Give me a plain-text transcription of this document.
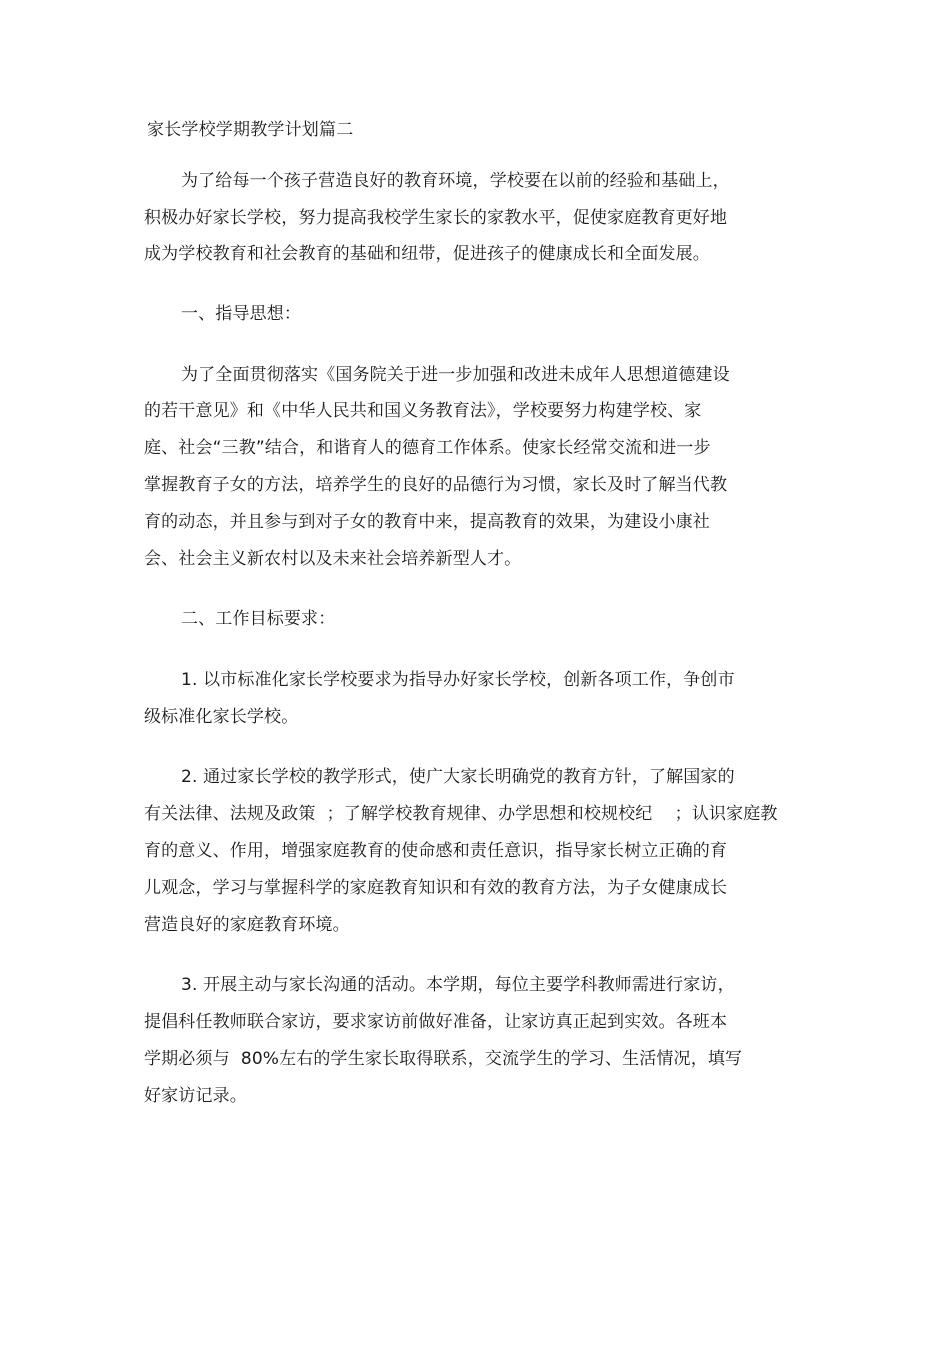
家长学校学期教学计划篇二
为了给每一个孩子营造良好的教育环境，学校要在以前的经验和基础上，
积极办好家长学校，努力提高我校学生家长的家教水平，促使家庭教育更好地
成为学校教育和社会教育的基础和纽带，促进孩子的健康成长和全面发展。
一、指导思想：
为了全面贯彻落实《国务院关于进一步加强和改进未成年人思想道德建设
的若干意见》和《中华人民共和国义务教育法》，学校要努力构建学校、家
庭、社会“三教”结合，和谐育人的德育工作体系。使家长经常交流和进一步
掌握教育子女的方法，培养学生的良好的品德行为习惯，家长及时了解当代教
育的动态，并且参与到对子女的教育中来，提高教育的效果，为建设小康社
会、社会主义新农村以及未来社会培养新型人才。
二、工作目标要求：
1. 以市标准化家长学校要求为指导办好家长学校，创新各项工作，争创市
级标准化家长学校。
2. 通过家长学校的教学形式，使广大家长明确党的教育方针，了解国家的
有关法律、法规及政策  ；了解学校教育规律、办学思想和校规校纪    ；认识家庭教
育的意义、作用，增强家庭教育的使命感和责任意识，指导家长树立正确的育
儿观念，学习与掌握科学的家庭教育知识和有效的教育方法，为子女健康成长
营造良好的家庭教育环境。
3. 开展主动与家长沟通的活动。本学期，每位主要学科教师需进行家访，
提倡科任教师联合家访，要求家访前做好准备，让家访真正起到实效。各班本
学期必须与  80%左右的学生家长取得联系，交流学生的学习、生活情况，填写
好家访记录。
